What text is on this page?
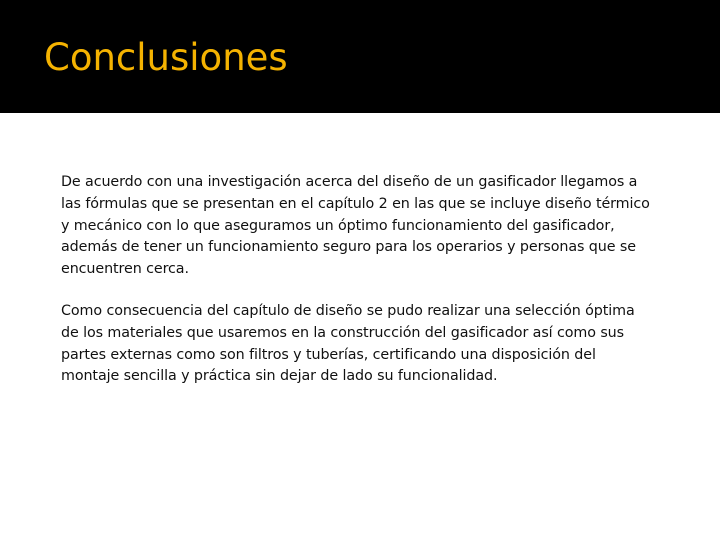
Conclusiones

De acuerdo con una investigación acerca del diseño de un gasificador llegamos a las fórmulas que se presentan en el capítulo 2 en las que se incluye diseño térmico y mecánico con lo que aseguramos un óptimo funcionamiento del gasificador, además de tener un funcionamiento seguro para los operarios y personas que se encuentren cerca.

Como consecuencia del capítulo de diseño se pudo realizar una selección óptima de los materiales que usaremos en la construcción del gasificador así como sus partes externas como son filtros y tuberías, certificando una disposición del montaje sencilla y práctica sin dejar de lado su funcionalidad.
